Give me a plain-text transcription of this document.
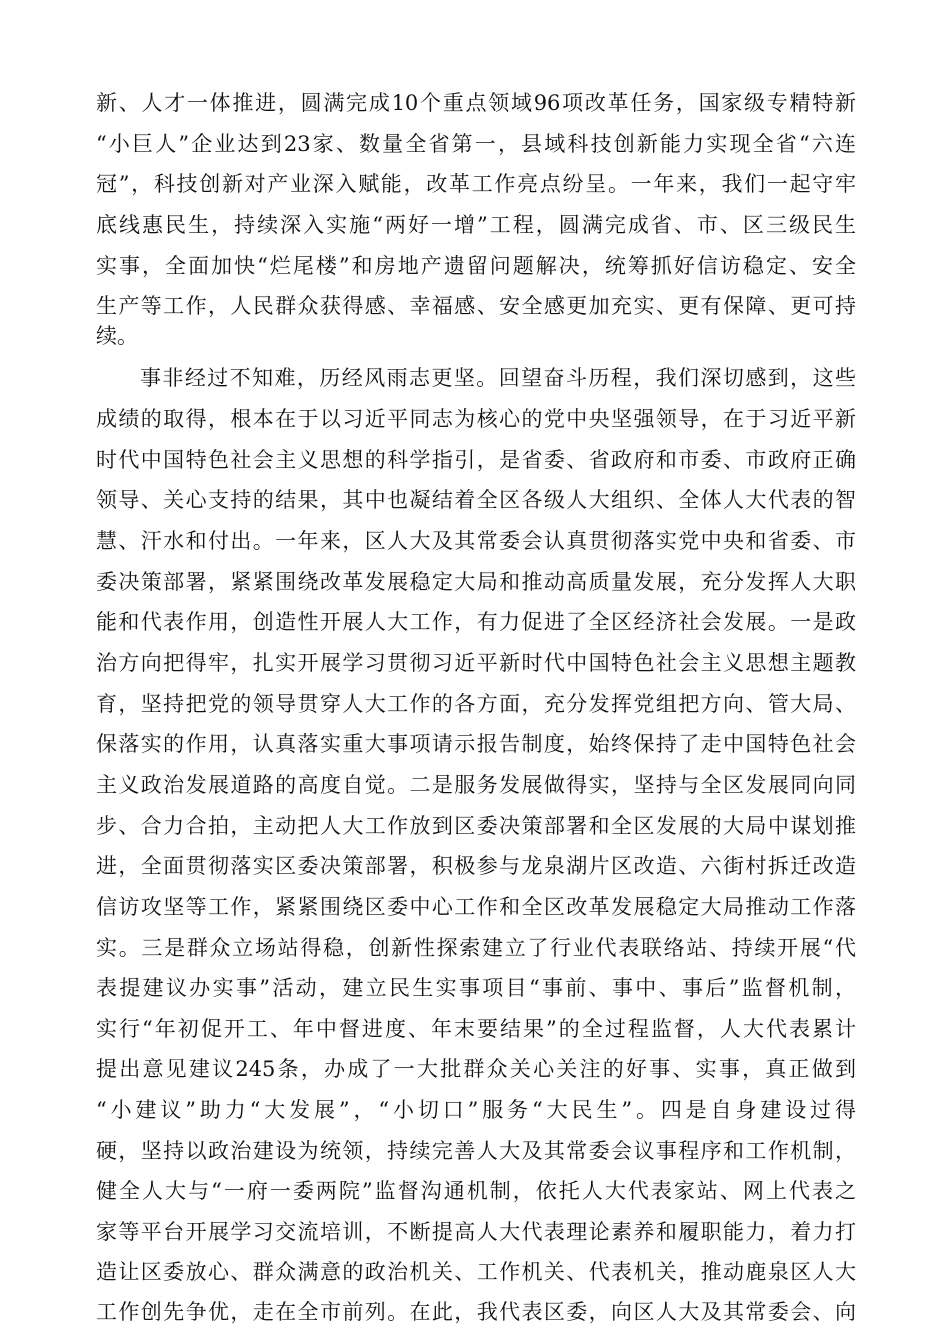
新、人才一体推进，圆满完成10个重点领域96项改革任务，国家级专精特新
“小巨人”企业达到23家、数量全省第一，县域科技创新能力实现全省“六连
冠”，科技创新对产业深入赋能，改革工作亮点纷呈。一年来，我们一起守牢
底线惠民生，持续深入实施“两好一增”工程，圆满完成省、市、区三级民生
实事，全面加快“烂尾楼”和房地产遗留问题解决，统筹抓好信访稳定、安全
生产等工作，人民群众获得感、幸福感、安全感更加充实、更有保障、更可持
续。
事非经过不知难，历经风雨志更坚。回望奋斗历程，我们深切感到，这些
成绩的取得，根本在于以习近平同志为核心的党中央坚强领导，在于习近平新
时代中国特色社会主义思想的科学指引，是省委、省政府和市委、市政府正确
领导、关心支持的结果，其中也凝结着全区各级人大组织、全体人大代表的智
慧、汗水和付出。一年来，区人大及其常委会认真贯彻落实党中央和省委、市
委决策部署，紧紧围绕改革发展稳定大局和推动高质量发展，充分发挥人大职
能和代表作用，创造性开展人大工作，有力促进了全区经济社会发展。一是政
治方向把得牢，扎实开展学习贯彻习近平新时代中国特色社会主义思想主题教
育，坚持把党的领导贯穿人大工作的各方面，充分发挥党组把方向、管大局、
保落实的作用，认真落实重大事项请示报告制度，始终保持了走中国特色社会
主义政治发展道路的高度自觉。二是服务发展做得实，坚持与全区发展同向同
步、合力合拍，主动把人大工作放到区委决策部署和全区发展的大局中谋划推
进，全面贯彻落实区委决策部署，积极参与龙泉湖片区改造、六街村拆迁改造
信访攻坚等工作，紧紧围绕区委中心工作和全区改革发展稳定大局推动工作落
实。三是群众立场站得稳，创新性探索建立了行业代表联络站、持续开展“代
表提建议办实事”活动，建立民生实事项目“事前、事中、事后”监督机制，
实行“年初促开工、年中督进度、年末要结果”的全过程监督，人大代表累计
提出意见建议245条，办成了一大批群众关心关注的好事、实事，真正做到
“小建议”助力“大发展”，“小切口”服务“大民生”。四是自身建设过得
硬，坚持以政治建设为统领，持续完善人大及其常委会议事程序和工作机制，
健全人大与“一府一委两院”监督沟通机制，依托人大代表家站、网上代表之
家等平台开展学习交流培训，不断提高人大代表理论素养和履职能力，着力打
造让区委放心、群众满意的政治机关、工作机关、代表机关，推动鹿泉区人大
工作创先争优，走在全市前列。在此，我代表区委，向区人大及其常委会、向
